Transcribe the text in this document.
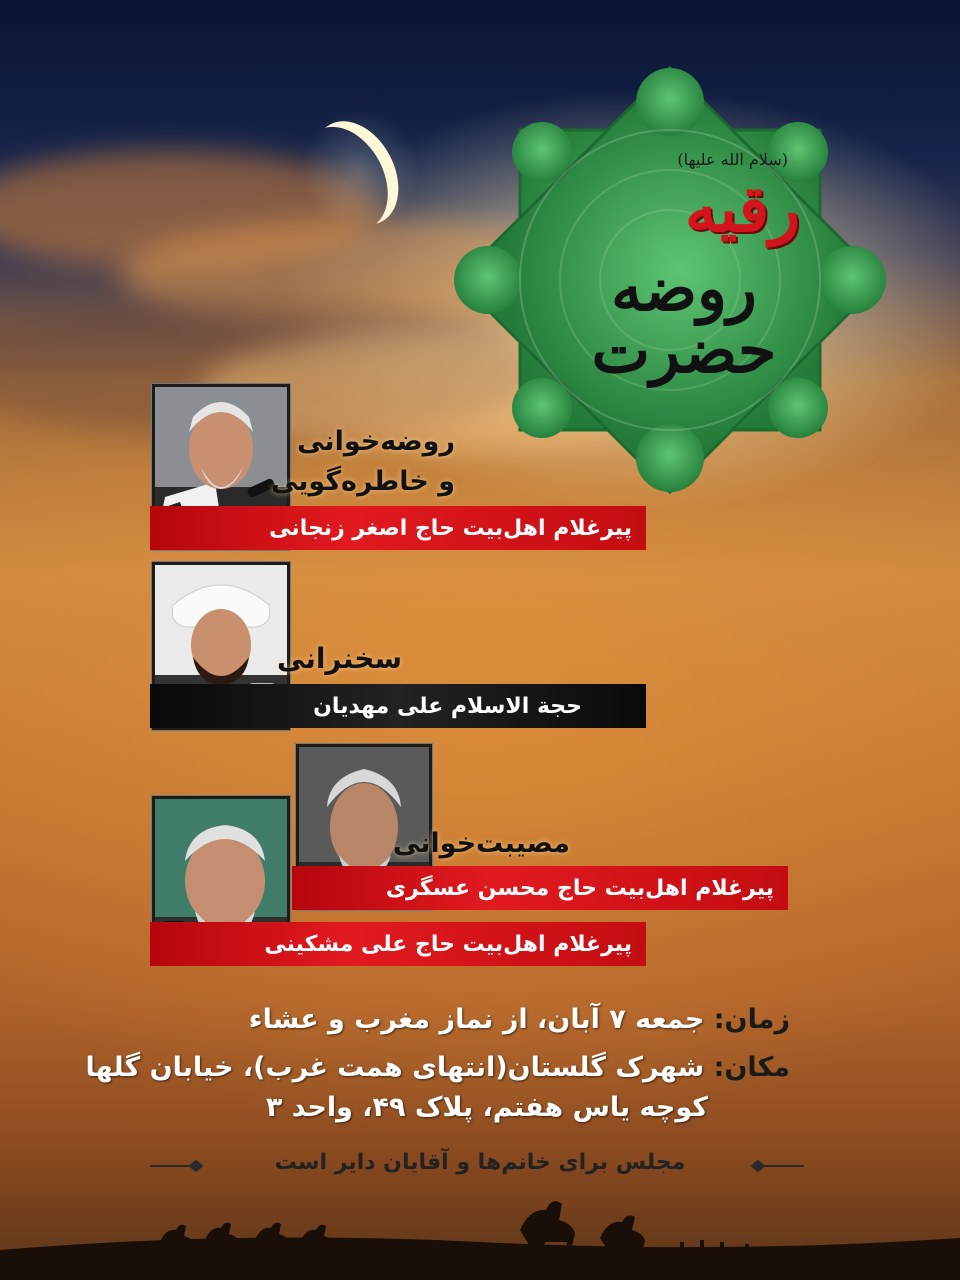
(سلام الله علیها)
رقیه
روضه حضرت
روضه‌خوانی
و خاطره‌گویی
پیرغلام اهل‌بیت حاج اصغر زنجانی
سخنرانی
حجة الاسلام علی مهدیان
مصیبت‌خوانی
پیرغلام اهل‌بیت حاج محسن عسگری
پیرغلام اهل‌بیت حاج علی مشکینی
زمان: جمعه ۷ آبان، از نماز مغرب و عشاء
مکان: شهرک گلستان(انتهای همت غرب)، خیابان گلها
کوچه یاس هفتم، پلاک ۴۹، واحد ۳
مجلس برای خانم‌ها و آقایان دایر است
